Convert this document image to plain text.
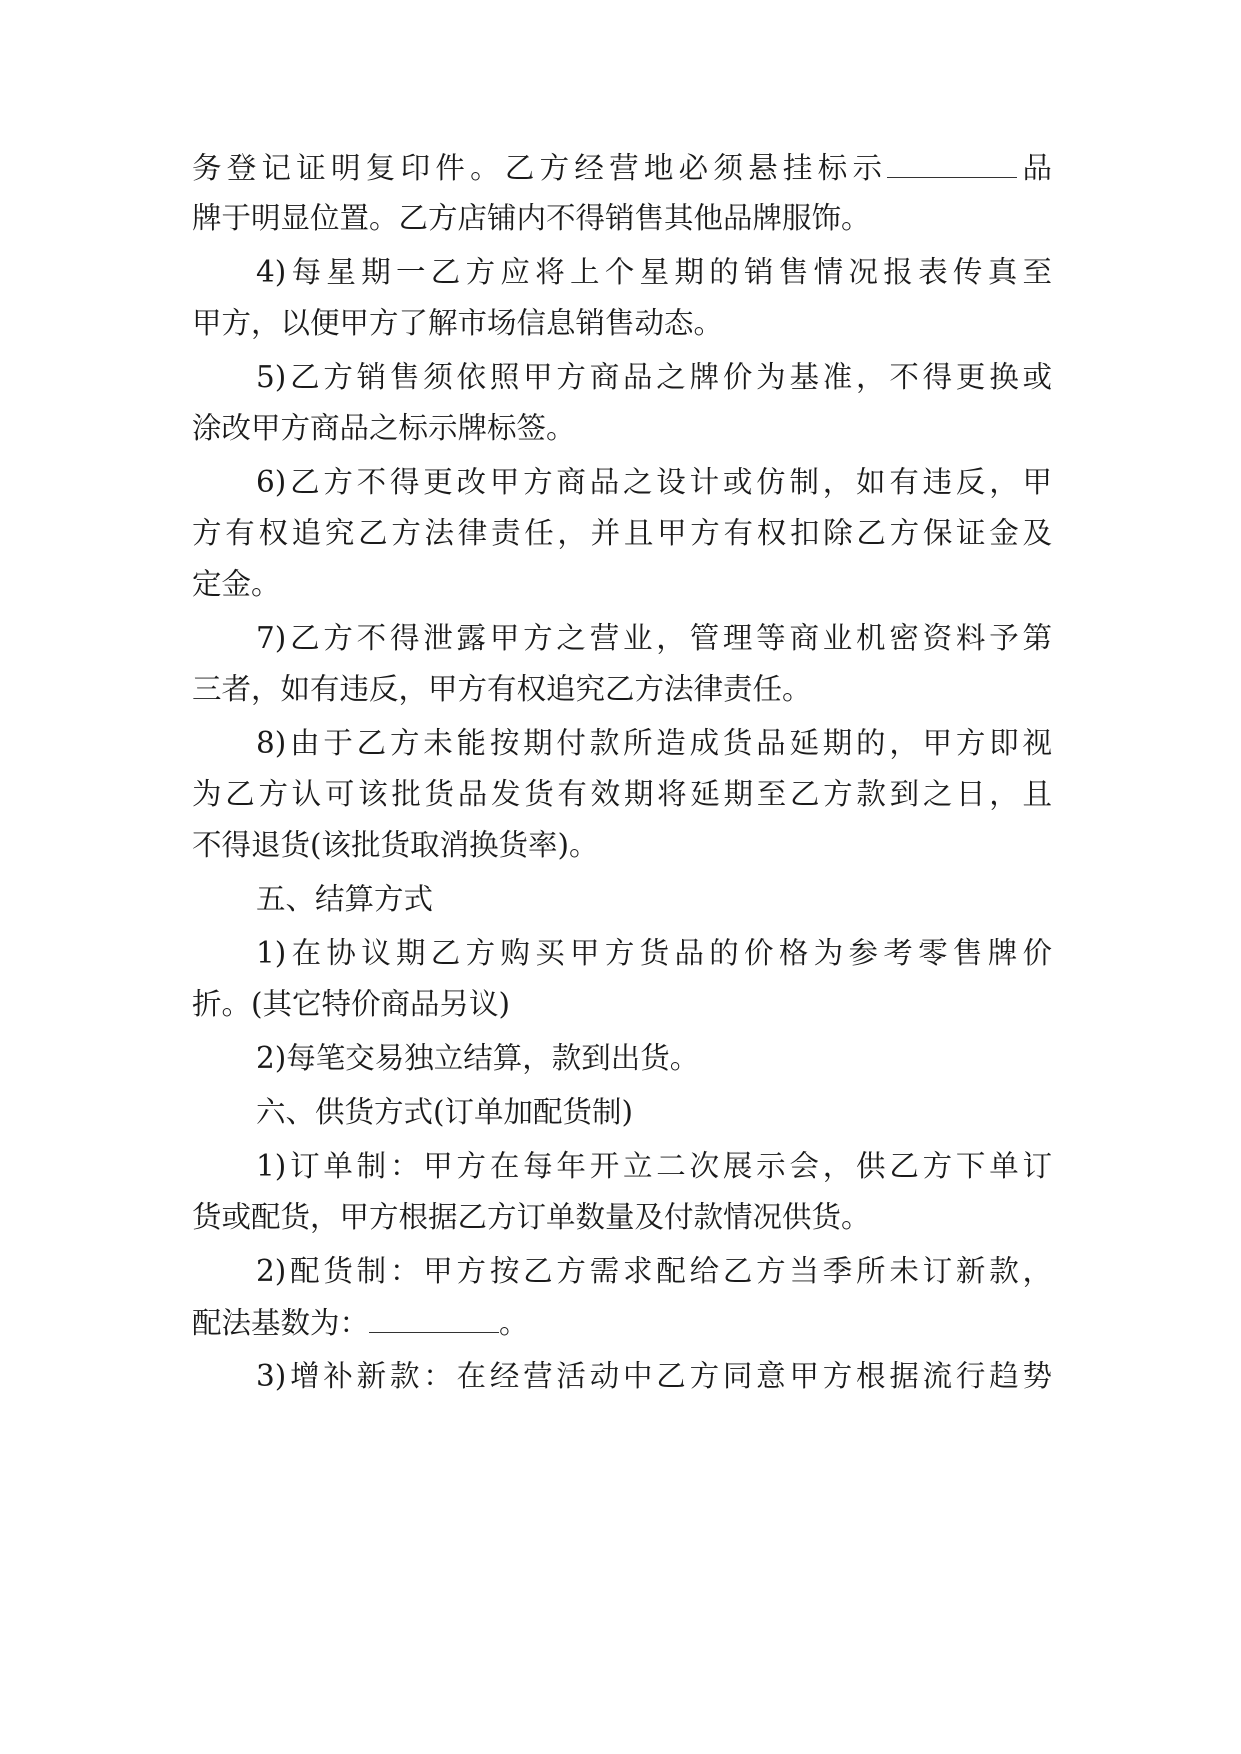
务登记证明复印件。乙方经营地必须悬挂标示	品

牌于明显位置。乙方店铺内不得销售其他品牌服饰。

4)每星期一乙方应将上个星期的销售情况报表传真至

甲方，以便甲方了解市场信息销售动态。

5)乙方销售须依照甲方商品之牌价为基准，不得更换或

涂改甲方商品之标示牌标签。

6)乙方不得更改甲方商品之设计或仿制，如有违反，甲

方有权追究乙方法律责任，并且甲方有权扣除乙方保证金及

定金。

7)乙方不得泄露甲方之营业，管理等商业机密资料予第

三者，如有违反，甲方有权追究乙方法律责任。

8)由于乙方未能按期付款所造成货品延期的，甲方即视

为乙方认可该批货品发货有效期将延期至乙方款到之日，且

不得退货(该批货取消换货率)。

五、结算方式

1)在协议期乙方购买甲方货品的价格为参考零售牌价

折。(其它特价商品另议)

2)每笔交易独立结算，款到出货。

六、供货方式(订单加配货制)

1)订单制：甲方在每年开立二次展示会，供乙方下单订

货或配货，甲方根据乙方订单数量及付款情况供货。

2)配货制：甲方按乙方需求配给乙方当季所未订新款，

配法基数为：	。

3)增补新款：在经营活动中乙方同意甲方根据流行趋势
